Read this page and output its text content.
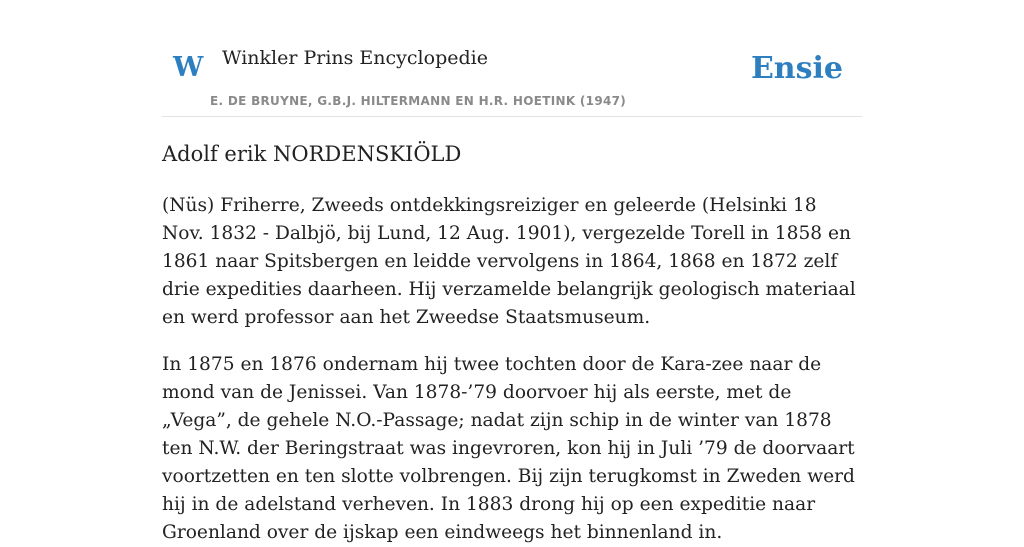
W Winkler Prins Encyclopedie
E. DE BRUYNE, G.B.J. HILTERMANN EN H.R. HOETINK (1947)
Ensie
Adolf erik NORDENSKIÖLD

(Nüs) Friherre, Zweeds ontdekkingsreiziger en geleerde (Helsinki 18 Nov. 1832 - Dalbjö, bij Lund, 12 Aug. 1901), vergezelde Torell in 1858 en 1861 naar Spitsbergen en leidde vervolgens in 1864, 1868 en 1872 zelf drie expedities daarheen. Hij verzamelde belangrijk geologisch materiaal en werd professor aan het Zweedse Staatsmuseum.

In 1875 en 1876 ondernam hij twee tochten door de Kara-zee naar de mond van de Jenissei. Van 1878-’79 doorvoer hij als eerste, met de „Vega”, de gehele N.O.-Passage; nadat zijn schip in de winter van 1878 ten N.W. der Beringstraat was ingevroren, kon hij in Juli ’79 de doorvaart voortzetten en ten slotte volbrengen. Bij zijn terugkomst in Zweden werd hij in de adelstand verheven. In 1883 drong hij op een expeditie naar Groenland over de ijskap een eindweegs het binnenland in.
